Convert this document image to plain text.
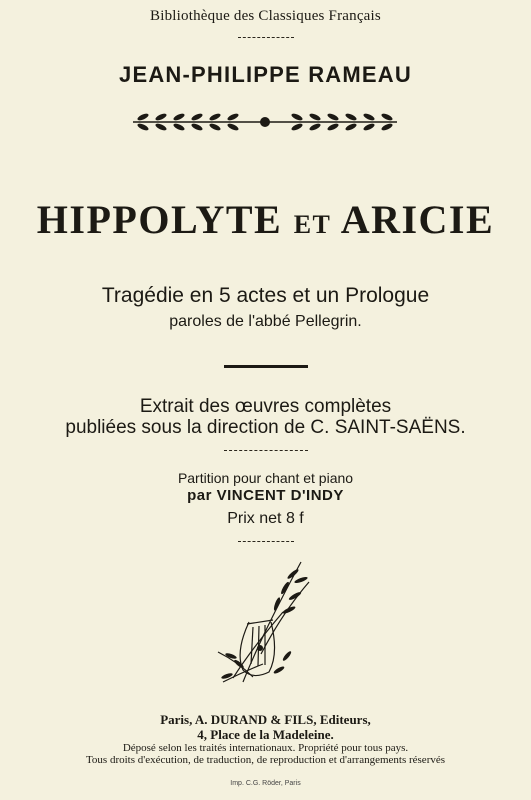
Bibliothèque des Classiques Français
JEAN-PHILIPPE RAMEAU
HIPPOLYTE ET ARICIE
Tragédie en 5 actes et un Prologue
paroles de l'abbé Pellegrin.
Extrait des œuvres complètes
publiées sous la direction de C. SAINT-SAËNS.
Partition pour chant et piano
par VINCENT D'INDY
Prix net 8 f
Paris, A. DURAND & FILS, Editeurs,
4, Place de la Madeleine.
Déposé selon les traités internationaux. Propriété pour tous pays.
Tous droits d'exécution, de traduction, de reproduction et d'arrangements réservés
Imp. C.G. Röder, Paris
